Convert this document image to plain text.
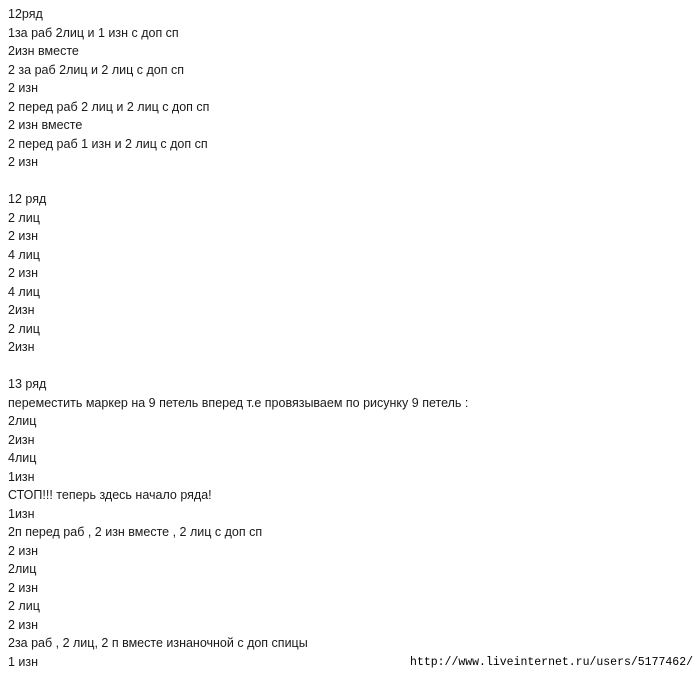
12ряд
1за раб 2лиц и 1 изн с доп сп
2изн вместе
2 за раб 2лиц и 2 лиц с доп сп
2 изн
2 перед раб 2 лиц и 2 лиц с доп сп
2 изн вместе
2 перед раб 1 изн и 2 лиц с доп сп
2 изн
12 ряд
2 лиц
2 изн
4 лиц
2 изн
4 лиц
2изн
2 лиц
2изн
13 ряд
переместить маркер на 9 петель вперед т.е провязываем по рисунку 9 петель :
2лиц
2изн
4лиц
1изн
СТОП!!! теперь здесь начало ряда!
1изн
2п перед раб , 2 изн вместе , 2 лиц с доп сп
2 изн
2лиц
2 изн
2 лиц
2 изн
2за раб , 2 лиц, 2 п вместе изнаночной с доп спицы
1 изн	http://www.liveinternet.ru/users/5177462/
